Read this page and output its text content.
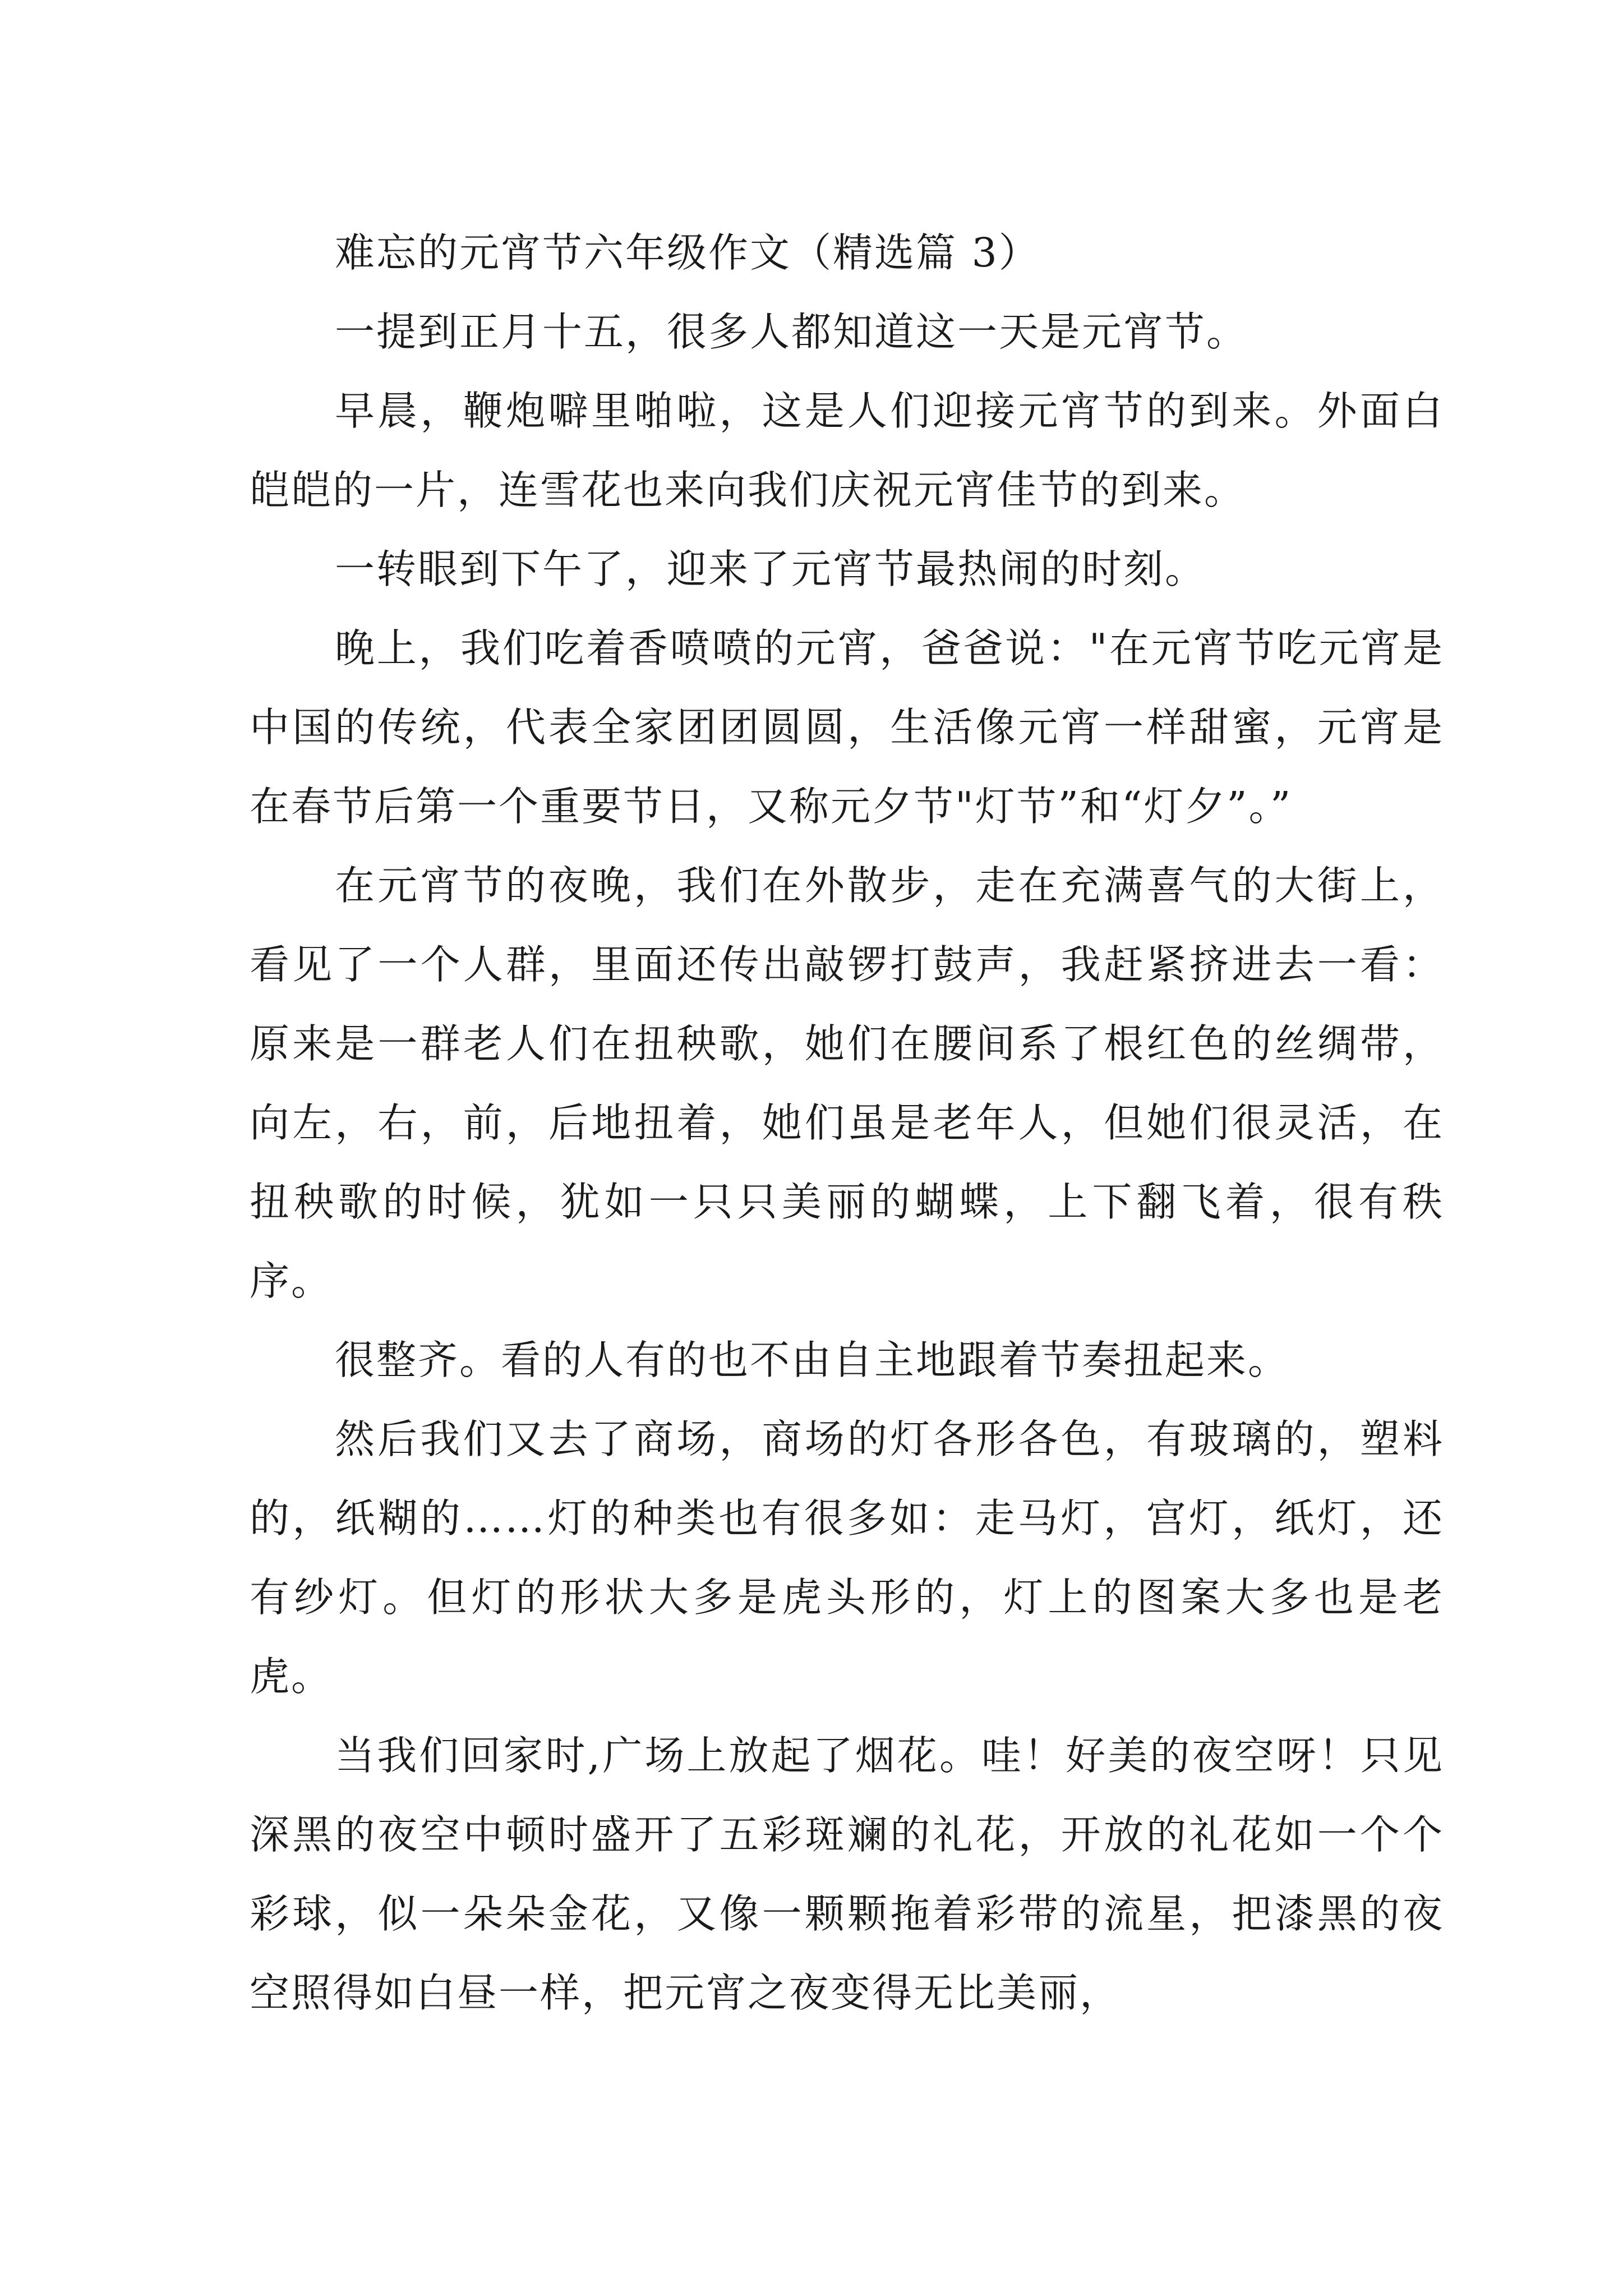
难忘的元宵节六年级作文（精选篇 3）

一提到正月十五，很多人都知道这一天是元宵节。

早晨，鞭炮噼里啪啦，这是人们迎接元宵节的到来。外面白皑皑的一片，连雪花也来向我们庆祝元宵佳节的到来。

一转眼到下午了，迎来了元宵节最热闹的时刻。

晚上，我们吃着香喷喷的元宵，爸爸说："在元宵节吃元宵是中国的传统，代表全家团团圆圆，生活像元宵一样甜蜜，元宵是在春节后第一个重要节日，又称元夕节"灯节”和“灯夕”。”

在元宵节的夜晚，我们在外散步，走在充满喜气的大街上，看见了一个人群，里面还传出敲锣打鼓声，我赶紧挤进去一看：原来是一群老人们在扭秧歌，她们在腰间系了根红色的丝绸带，向左，右，前，后地扭着，她们虽是老年人，但她们很灵活，在扭秧歌的时候，犹如一只只美丽的蝴蝶，上下翻飞着，很有秩序。

很整齐。看的人有的也不由自主地跟着节奏扭起来。

然后我们又去了商场，商场的灯各形各色，有玻璃的，塑料的，纸糊的……灯的种类也有很多如：走马灯，宫灯，纸灯，还有纱灯。但灯的形状大多是虎头形的，灯上的图案大多也是老虎。

当我们回家时,广场上放起了烟花。哇！好美的夜空呀！只见深黑的夜空中顿时盛开了五彩斑斓的礼花，开放的礼花如一个个彩球，似一朵朵金花，又像一颗颗拖着彩带的流星，把漆黑的夜空照得如白昼一样，把元宵之夜变得无比美丽，
